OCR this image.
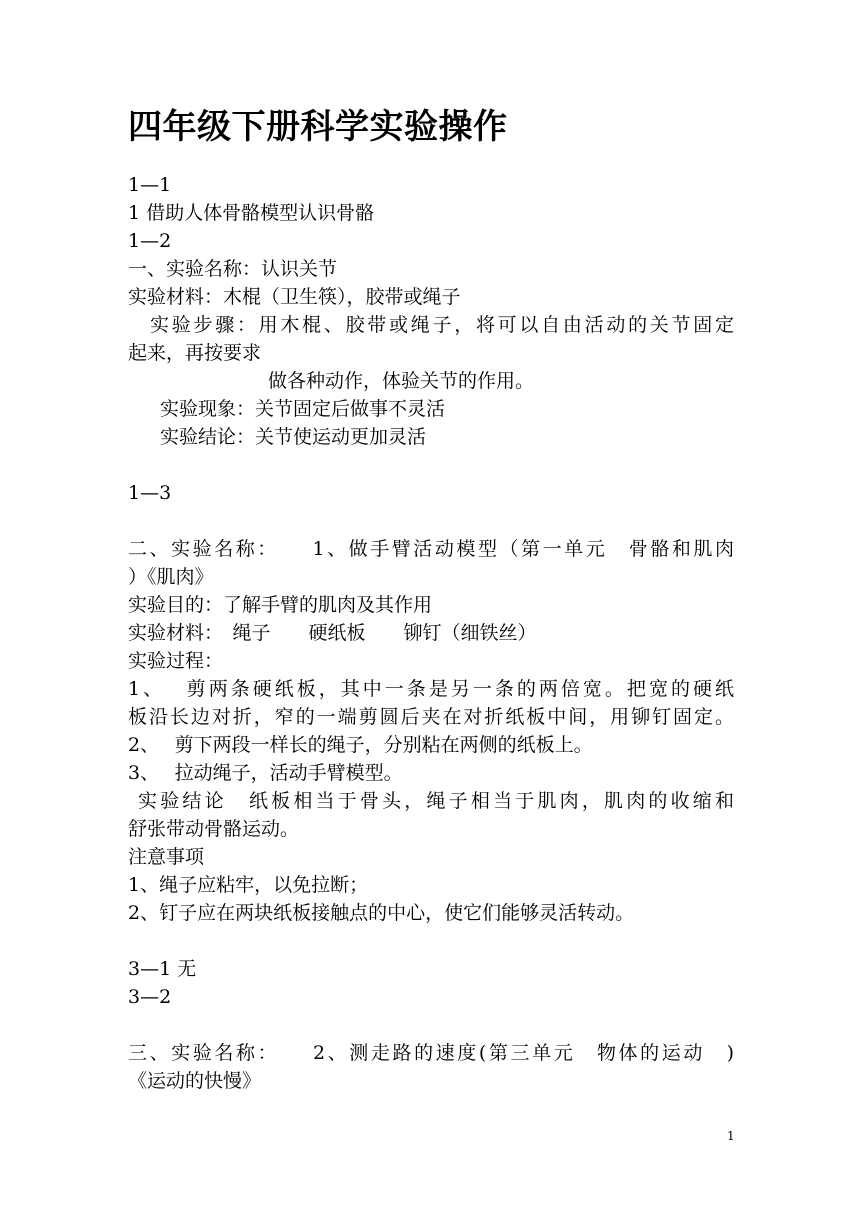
四年级下册科学实验操作
1—1
1 借助人体骨骼模型认识骨骼
1—2
一、实验名称：认识关节
实验材料：木棍（卫生筷），胶带或绳子
实验步骤：用木棍、胶带或绳子，将可以自由活动的关节固定
起来，再按要求
做各种动作，体验关节的作用。
实验现象：关节固定后做事不灵活
实验结论：关节使运动更加灵活
1—3
二、实验名称：　　1、做手臂活动模型（第一单元　骨骼和肌肉
）《肌肉》
实验目的：了解手臂的肌肉及其作用
实验材料：　绳子　　硬纸板　　铆钉（细铁丝）
实验过程：
1、　 剪两条硬纸板，其中一条是另一条的两倍宽。把宽的硬纸
板沿长边对折，窄的一端剪圆后夹在对折纸板中间，用铆钉固定。
2、　 剪下两段一样长的绳子，分别粘在两侧的纸板上。
3、　 拉动绳子，活动手臂模型。
实验结论　纸板相当于骨头，绳子相当于肌肉，肌肉的收缩和
舒张带动骨骼运动。
注意事项
1、绳子应粘牢，以免拉断；
2、钉子应在两块纸板接触点的中心，使它们能够灵活转动。
3—1 无
3—2
三、实验名称：　　2、测走路的速度(第三单元　物体的运动　)
《运动的快慢》
1
